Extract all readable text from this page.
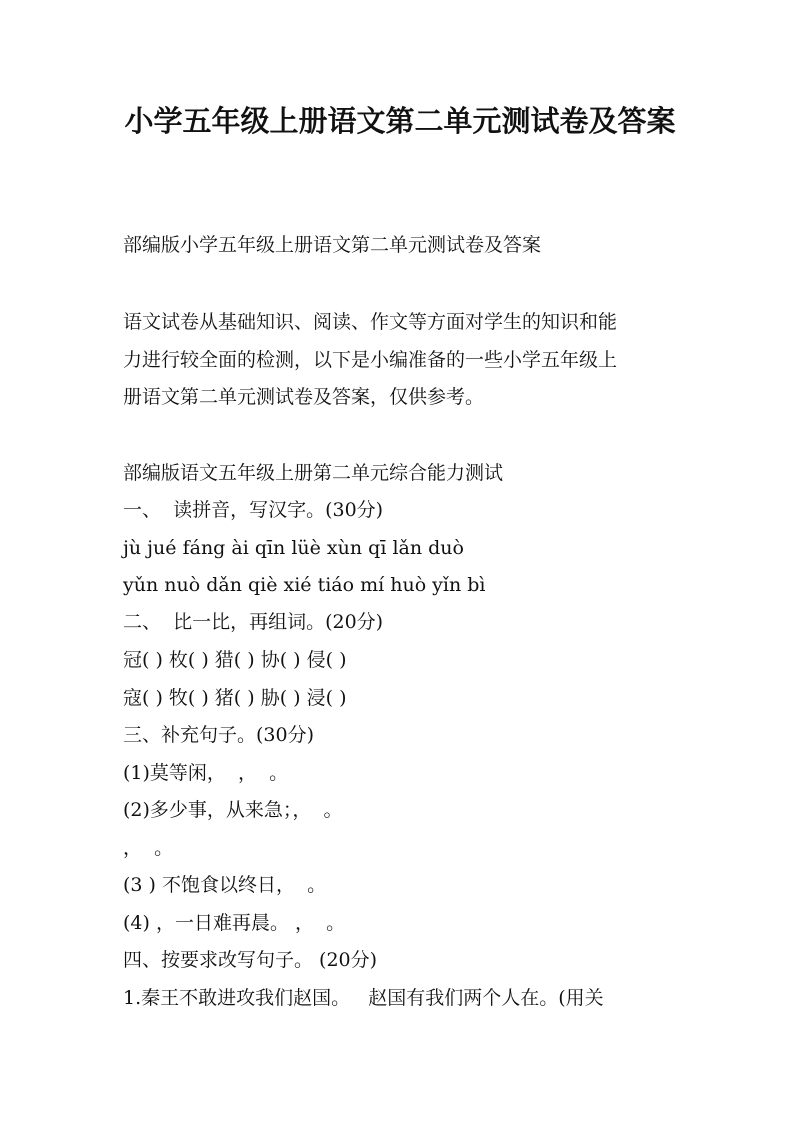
小学五年级上册语文第二单元测试卷及答案

部编版小学五年级上册语文第二单元测试卷及答案

语文试卷从基础知识、阅读、作文等方面对学生的知识和能

力进行较全面的检测，以下是小编准备的一些小学五年级上

册语文第二单元测试卷及答案，仅供参考。

部编版语文五年级上册第二单元综合能力测试

一、  读拼音，写汉字。(30分)

jù jué fáng ài qīn lüè xùn qī lǎn duò

yǔn nuò dǎn qiè xié tiáo mí huò yǐn bì

二、  比一比，再组词。(20分)

冠( ) 枚( ) 猎( ) 协( ) 侵( )

寇( ) 牧( ) 猪( ) 胁( ) 浸( )

三、补充句子。(30分)

(1)莫等闲，  ，  。

(2)多少事，从来急；，  。

，  。

(3 ) 不饱食以终日，  。

(4) ，一日难再晨。 ，  。

四、按要求改写句子。 (20分)

1.秦王不敢进攻我们赵国。   赵国有我们两个人在。(用关
